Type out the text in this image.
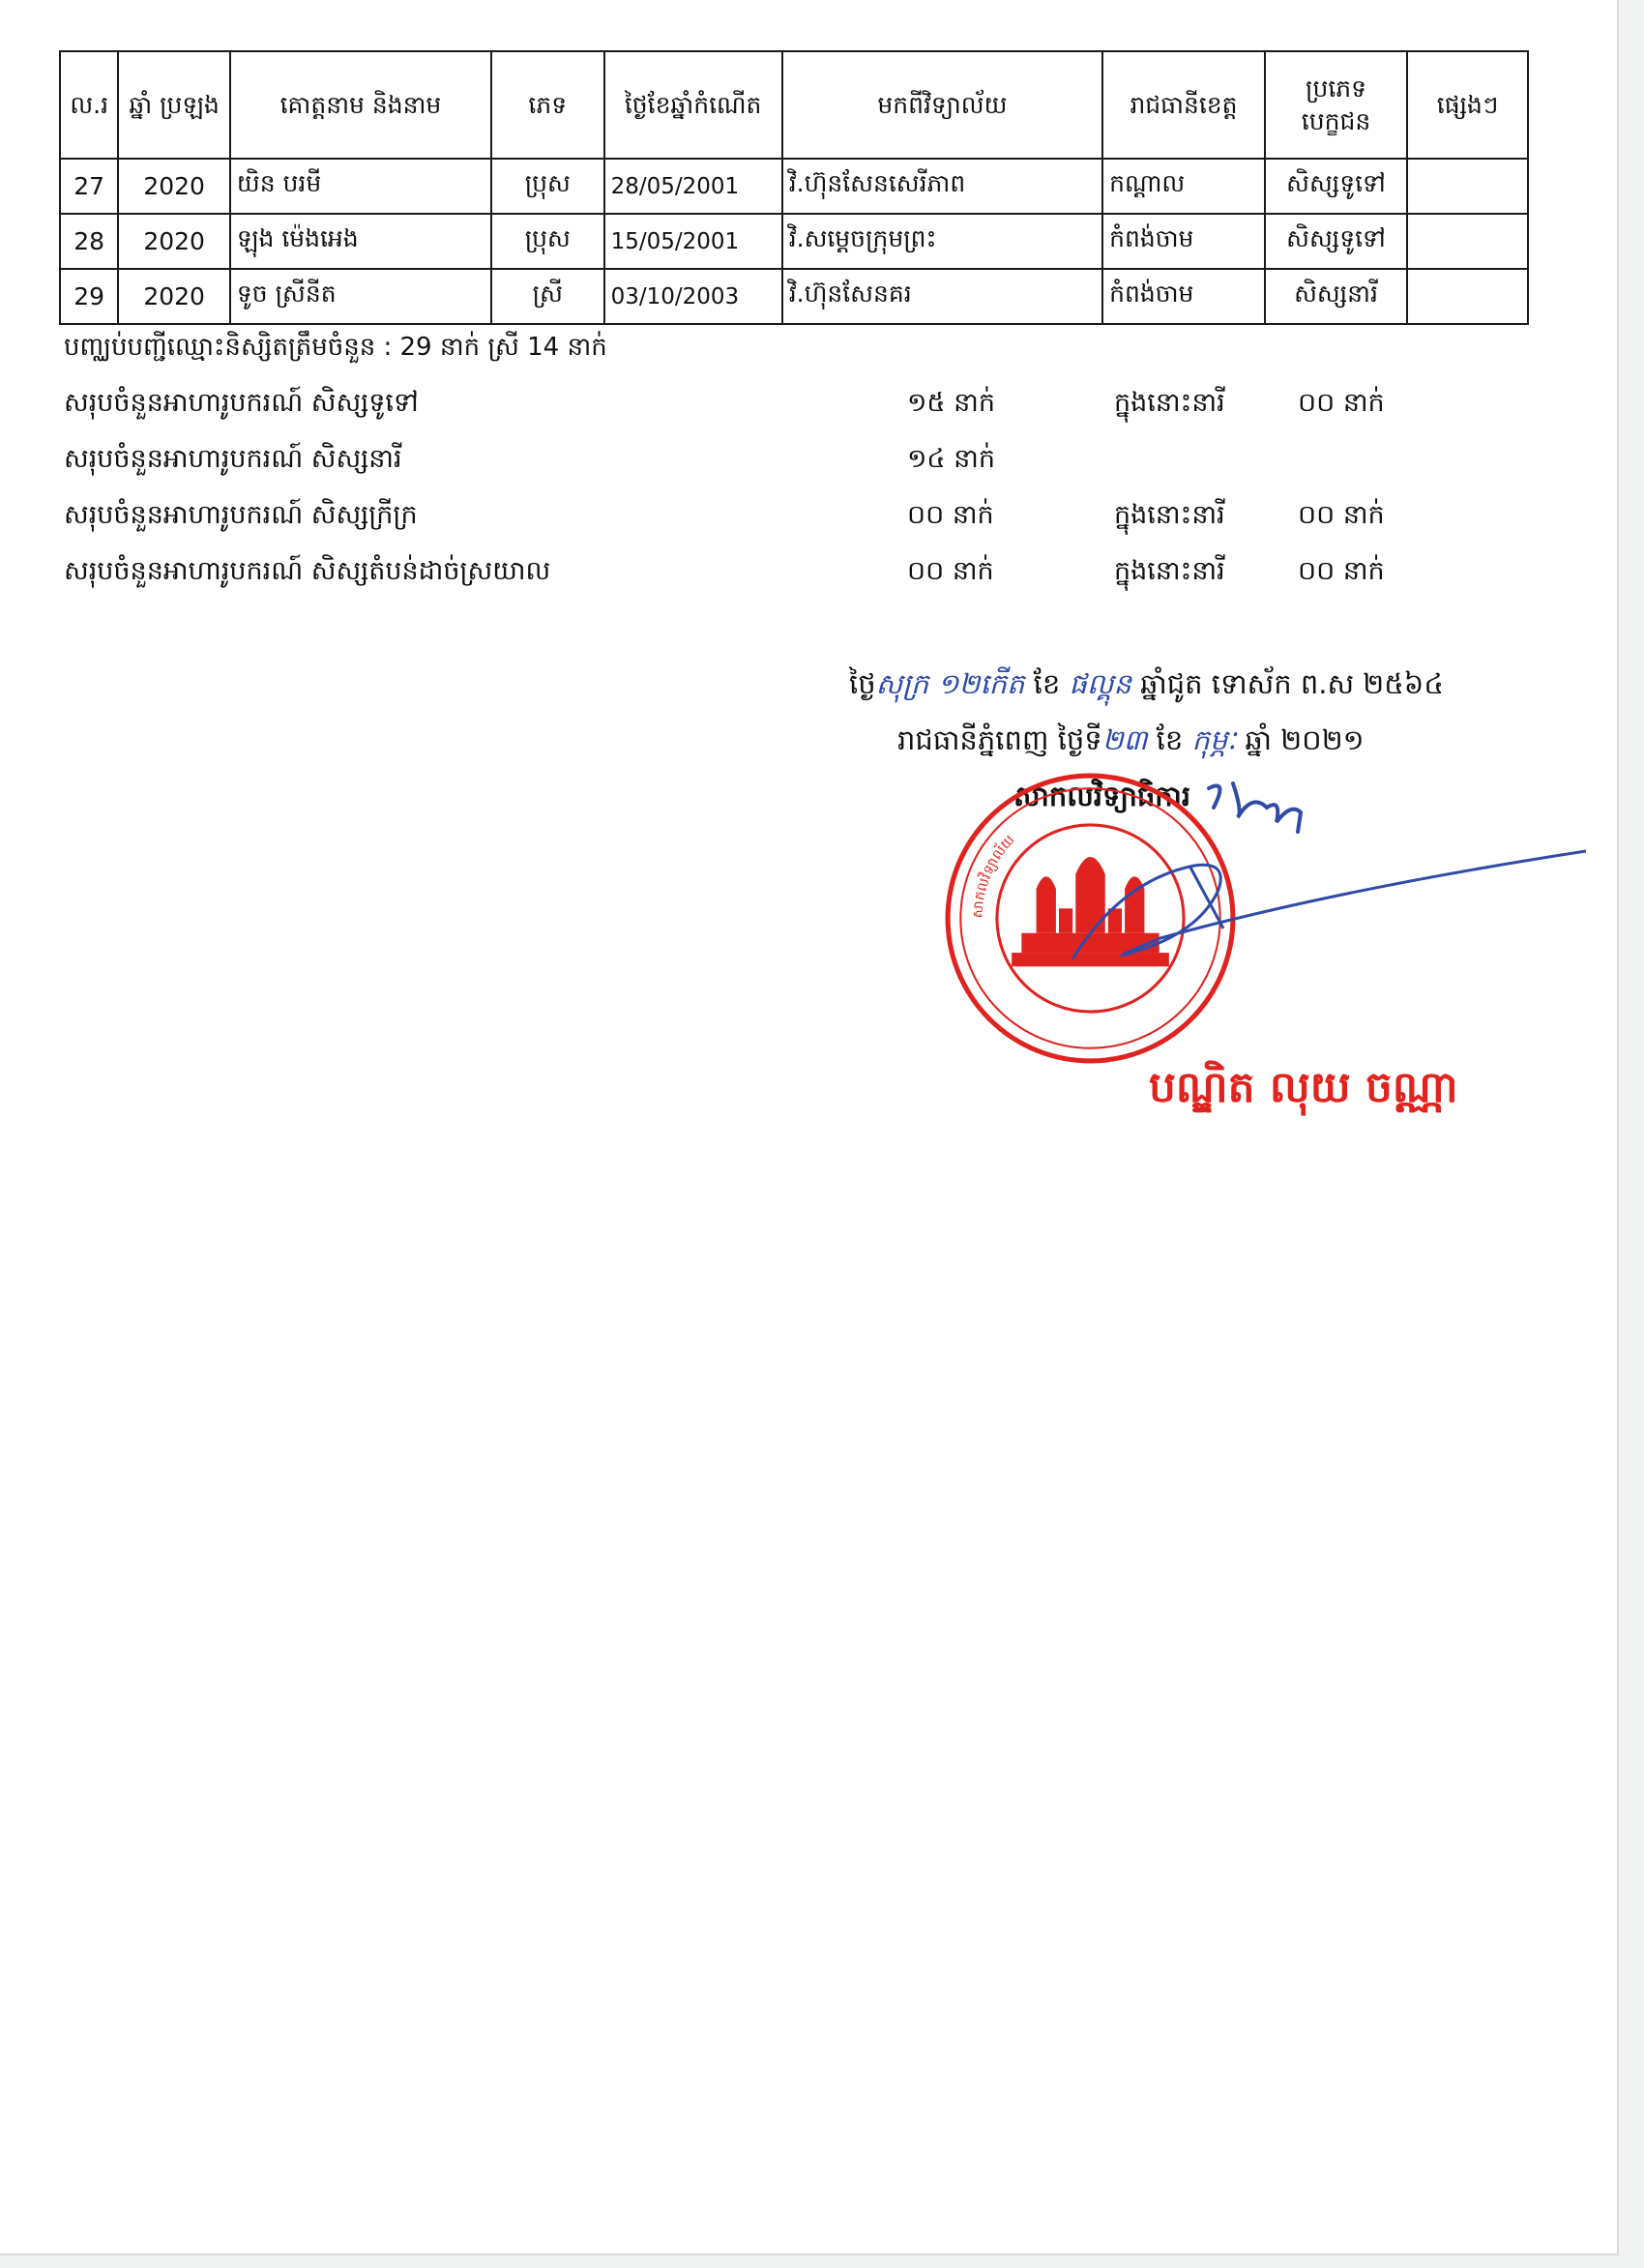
ល.រ	ឆ្នាំ ប្រឡង	គោត្តនាម និងនាម	ភេទ	ថ្ងៃខែឆ្នាំកំណើត	មកពីវិទ្យាល័យ	រាជធានីខេត្ត	ប្រភេទ បេក្ខជន	ផ្សេងៗ
27	2020	យិន បរមី	ប្រុស	28/05/2001	វិ.ហ៊ុនសែនសេរីភាព	កណ្តាល	សិស្សទូទៅ	
28	2020	ឡុង ម៉េងអេង	ប្រុស	15/05/2001	វិ.សម្តេចក្រុមព្រះ	កំពង់ចាម	សិស្សទូទៅ	
29	2020	ទូច ស្រីនីត	ស្រី	03/10/2003	វិ.ហ៊ុនសែនគរ	កំពង់ចាម	សិស្សនារី	
បញ្ឈប់បញ្ជីឈ្មោះនិស្សិតត្រឹមចំនួន : 29 នាក់ ស្រី 14 នាក់
សរុបចំនួនអាហារូបករណ៍ សិស្សទូទៅ	១៥ នាក់	ក្នុងនោះនារី	០០ នាក់
សរុបចំនួនអាហារូបករណ៍ សិស្សនារី	១៤ នាក់
សរុបចំនួនអាហារូបករណ៍ សិស្សក្រីក្រ	០០ នាក់	ក្នុងនោះនារី	០០ នាក់
សរុបចំនួនអាហារូបករណ៍ សិស្សតំបន់ដាច់ស្រយាល	០០ នាក់	ក្នុងនោះនារី	០០ នាក់
ថ្ងៃសុក្រ ១២កើត ខែ ផល្គុន ឆ្នាំជូត ទោស័ក ព.ស ២៥៦៤
រាជធានីភ្នំពេញ ថ្ងៃទី២៣ ខែ កុម្ភៈ ឆ្នាំ ២០២១
សាកលវិទ្យាធិការ
សាកលវិទ្យាល័យ
បណ្ឌិត លុយ ចណ្ណា
